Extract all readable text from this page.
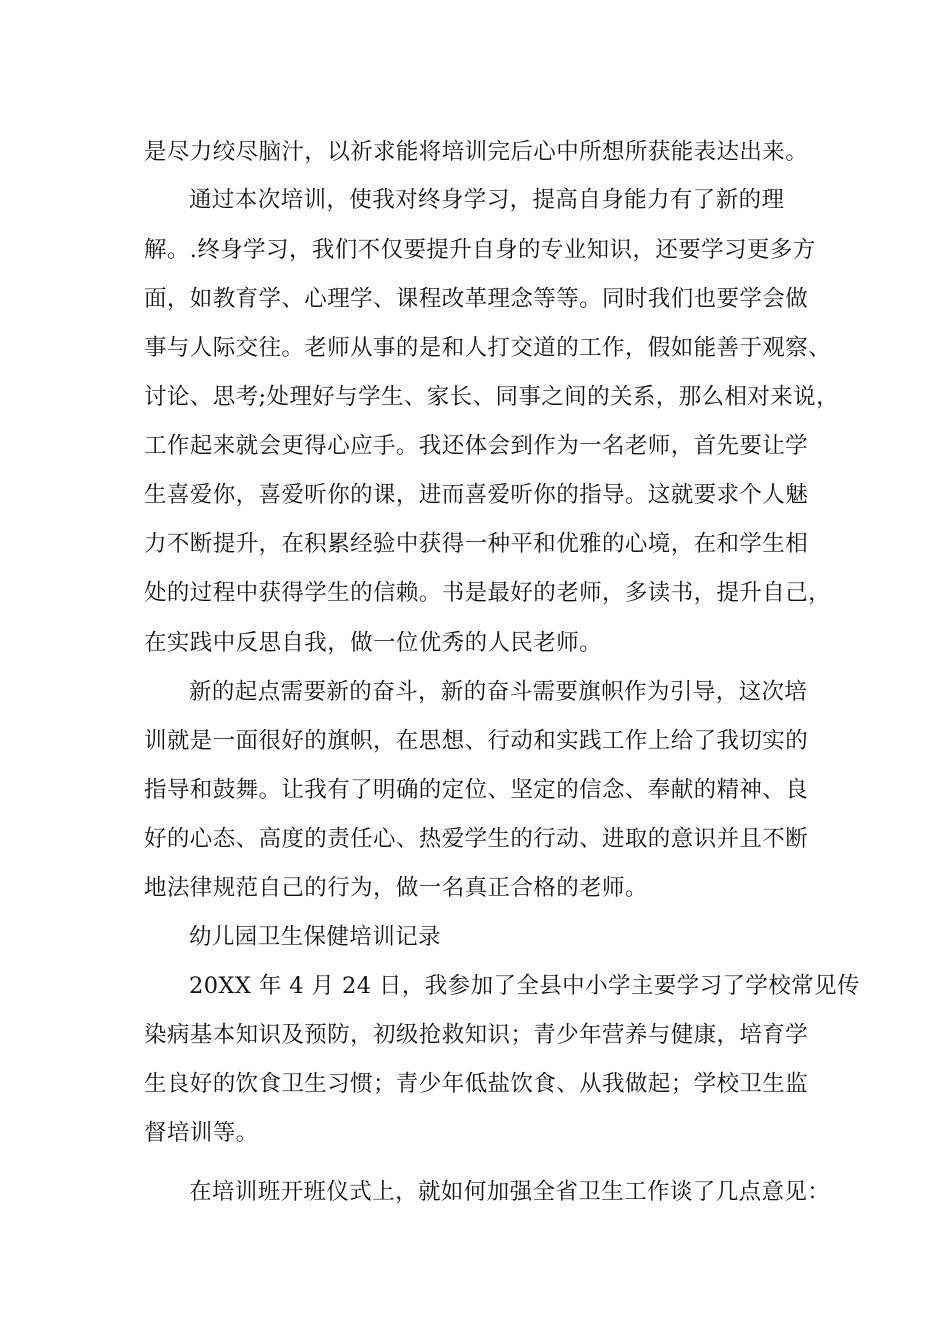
是尽力绞尽脑汁，以祈求能将培训完后心中所想所获能表达出来。
通过本次培训，使我对终身学习，提高自身能力有了新的理
解。.终身学习，我们不仅要提升自身的专业知识，还要学习更多方
面，如教育学、心理学、课程改革理念等等。同时我们也要学会做
事与人际交往。老师从事的是和人打交道的工作，假如能善于观察、
讨论、思考;处理好与学生、家长、同事之间的关系，那么相对来说，
工作起来就会更得心应手。我还体会到作为一名老师，首先要让学
生喜爱你，喜爱听你的课，进而喜爱听你的指导。这就要求个人魅
力不断提升，在积累经验中获得一种平和优雅的心境，在和学生相
处的过程中获得学生的信赖。书是最好的老师，多读书，提升自己，
在实践中反思自我，做一位优秀的人民老师。
新的起点需要新的奋斗，新的奋斗需要旗帜作为引导，这次培
训就是一面很好的旗帜，在思想、行动和实践工作上给了我切实的
指导和鼓舞。让我有了明确的定位、坚定的信念、奉献的精神、良
好的心态、高度的责任心、热爱学生的行动、进取的意识并且不断
地法律规范自己的行为，做一名真正合格的老师。
幼儿园卫生保健培训记录
20XX 年 4 月 24 日，我参加了全县中小学主要学习了学校常见传
染病基本知识及预防，初级抢救知识；青少年营养与健康，培育学
生良好的饮食卫生习惯；青少年低盐饮食、从我做起；学校卫生监
督培训等。
在培训班开班仪式上，就如何加强全省卫生工作谈了几点意见：
